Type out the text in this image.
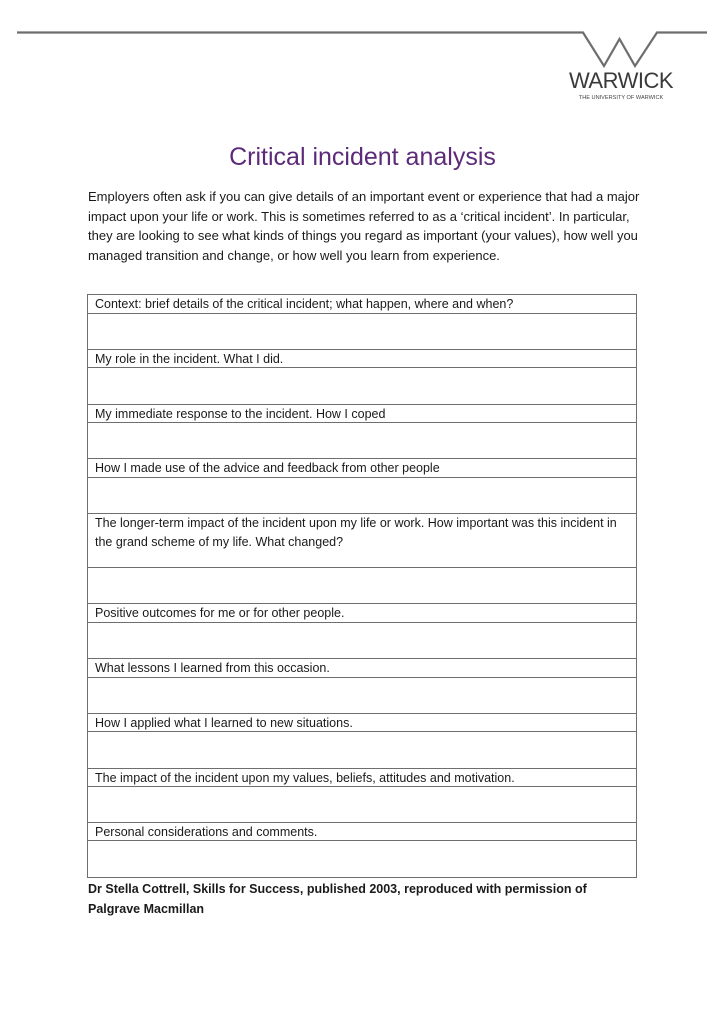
WARWICK
THE UNIVERSITY OF WARWICK
Critical incident analysis

Employers often ask if you can give details of an important event or experience that had a major impact upon your life or work. This is sometimes referred to as a ‘critical incident’. In particular, they are looking to see what kinds of things you regard as important (your values), how well you managed transition and change, or how well you learn from experience.

Context: brief details of the critical incident; what happen, where and when?
My role in the incident. What I did.
My immediate response to the incident. How I coped
How I made use of the advice and feedback from other people
The longer-term impact of the incident upon my life or work. How important was this incident in the grand scheme of my life. What changed?
Positive outcomes for me or for other people.
What lessons I learned from this occasion.
How I applied what I learned to new situations.
The impact of the incident upon my values, beliefs, attitudes and motivation.
Personal considerations and comments.

Dr Stella Cottrell, Skills for Success, published 2003, reproduced with permission of Palgrave Macmillan
